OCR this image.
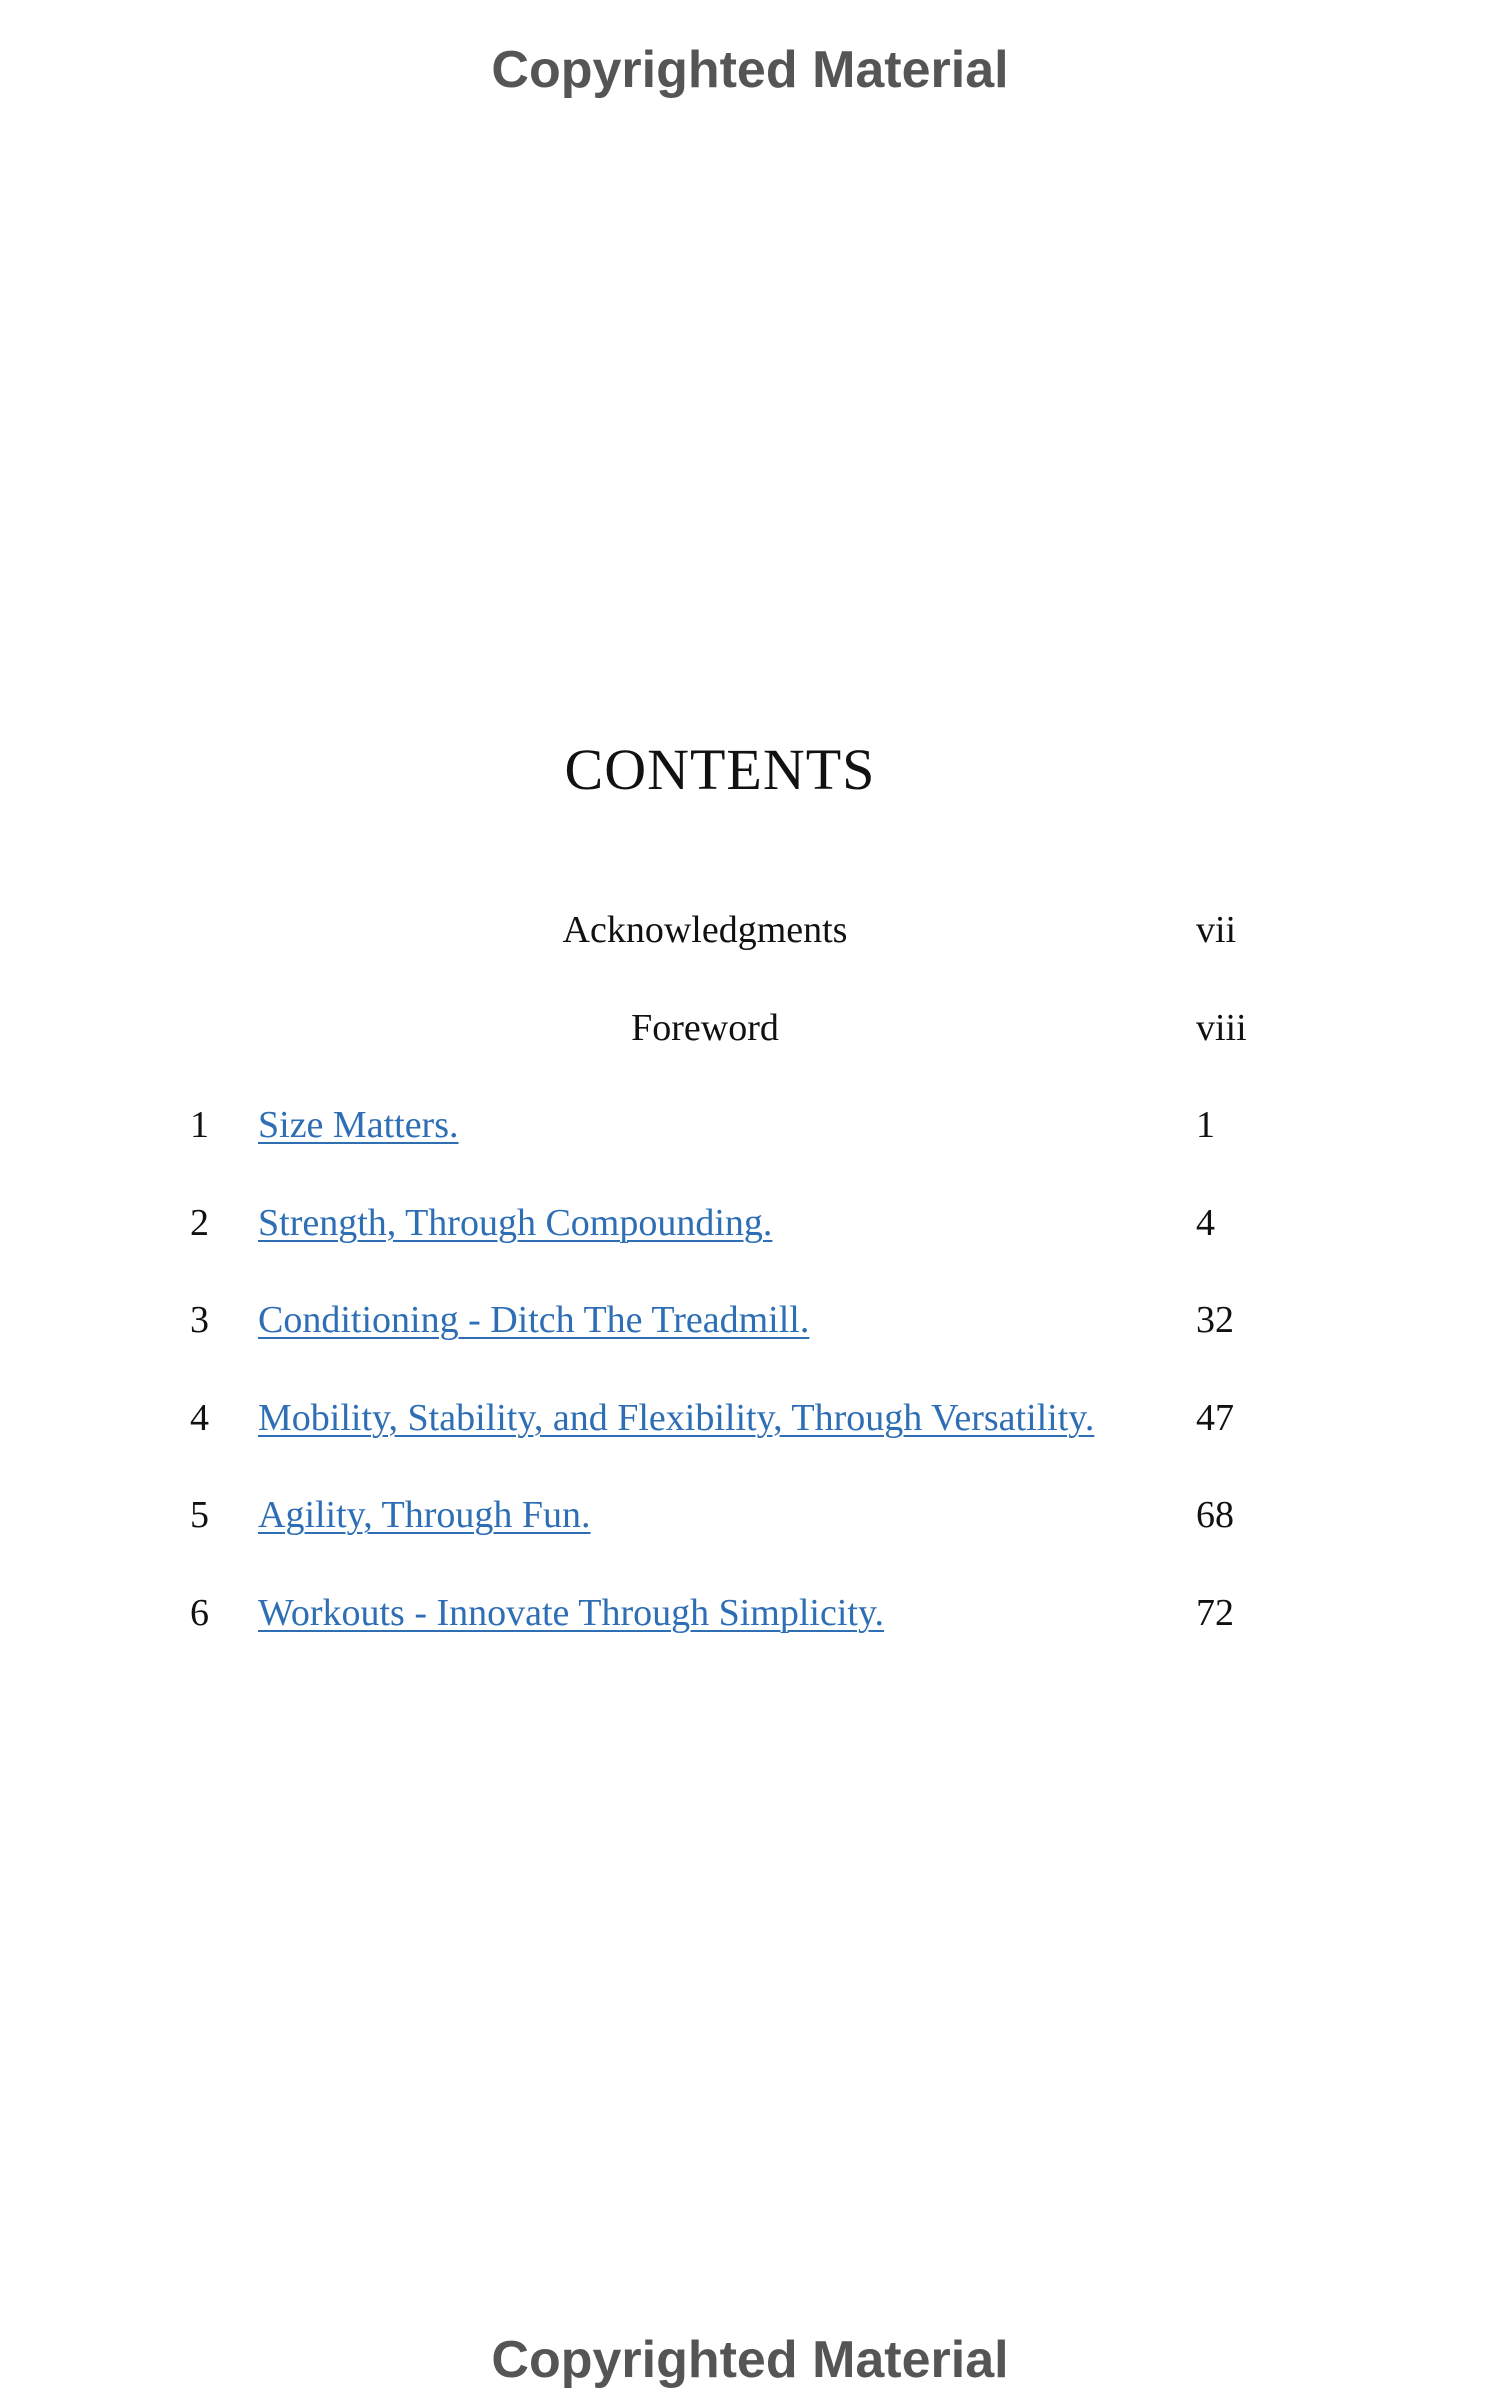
Copyrighted Material
CONTENTS
Acknowledgments	vii
Foreword	viii
1 Size Matters.	1
2 Strength, Through Compounding.	4
3 Conditioning - Ditch The Treadmill.	32
4 Mobility, Stability, and Flexibility, Through Versatility.	47
5 Agility, Through Fun.	68
6 Workouts - Innovate Through Simplicity.	72
Copyrighted Material
